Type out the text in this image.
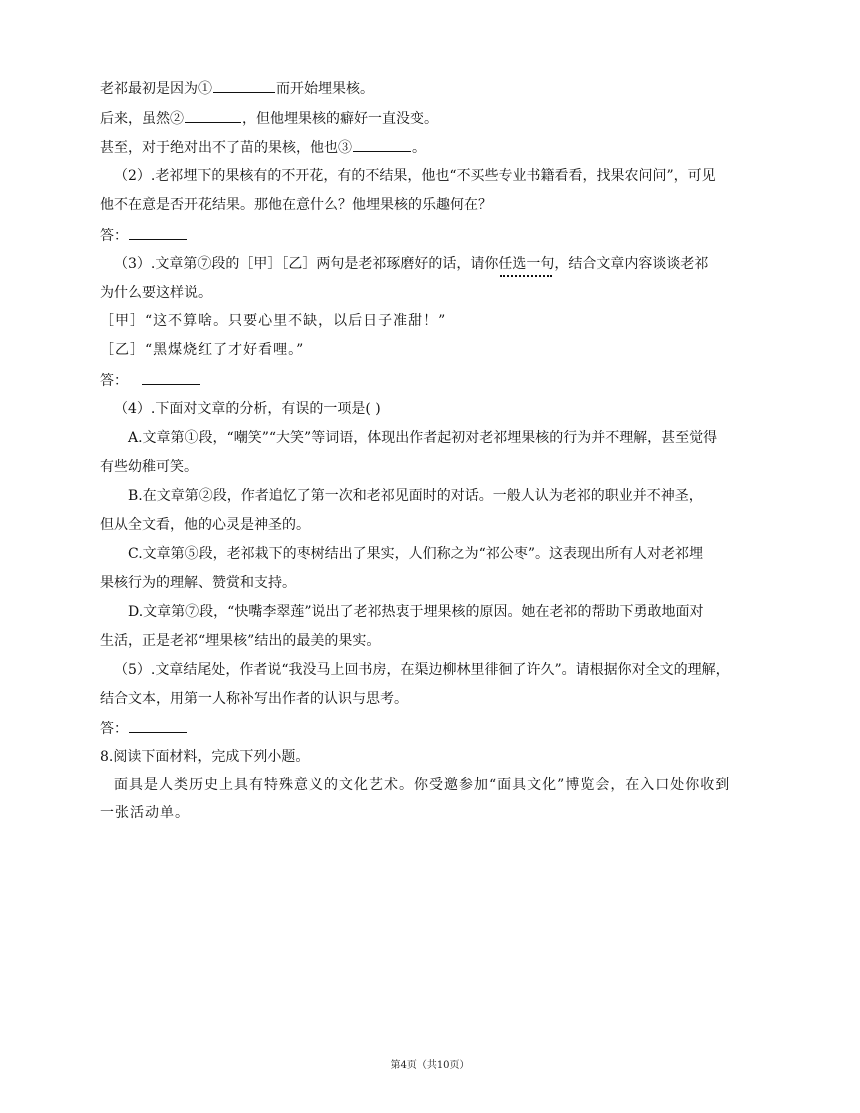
老祁最初是因为①	而开始埋果核。
后来，虽然②	，但他埋果核的癖好一直没变。
甚至，对于绝对出不了苗的果核，他也③	。
（2）.老祁埋下的果核有的不开花，有的不结果，他也“不买些专业书籍看看，找果农问问”，可见
他不在意是否开花结果。那他在意什么？他埋果核的乐趣何在？
答：
（3）.文章第⑦段的［甲］［乙］两句是老祁琢磨好的话，请你任选一句，结合文章内容谈谈老祁
为什么要这样说。
［甲］“这不算啥。只要心里不缺，以后日子准甜！”
［乙］“黑煤烧红了才好看哩。”
答：
（4）.下面对文章的分析，有误的一项是( )
A.文章第①段，“嘲笑”“大笑”等词语，体现出作者起初对老祁埋果核的行为并不理解，甚至觉得
有些幼稚可笑。
B.在文章第②段，作者追忆了第一次和老祁见面时的对话。一般人认为老祁的职业并不神圣，
但从全文看，他的心灵是神圣的。
C.文章第⑤段，老祁栽下的枣树结出了果实，人们称之为“祁公枣”。这表现出所有人对老祁埋
果核行为的理解、赞赏和支持。
D.文章第⑦段，“快嘴李翠莲”说出了老祁热衷于埋果核的原因。她在老祁的帮助下勇敢地面对
生活，正是老祁“埋果核”结出的最美的果实。
（5）.文章结尾处，作者说“我没马上回书房，在渠边柳林里徘徊了许久”。请根据你对全文的理解，
结合文本，用第一人称补写出作者的认识与思考。
答：
8.阅读下面材料，完成下列小题。
面具是人类历史上具有特殊意义的文化艺术。你受邀参加“面具文化”博览会，在入口处你收到
一张活动单。
第4页（共10页）
